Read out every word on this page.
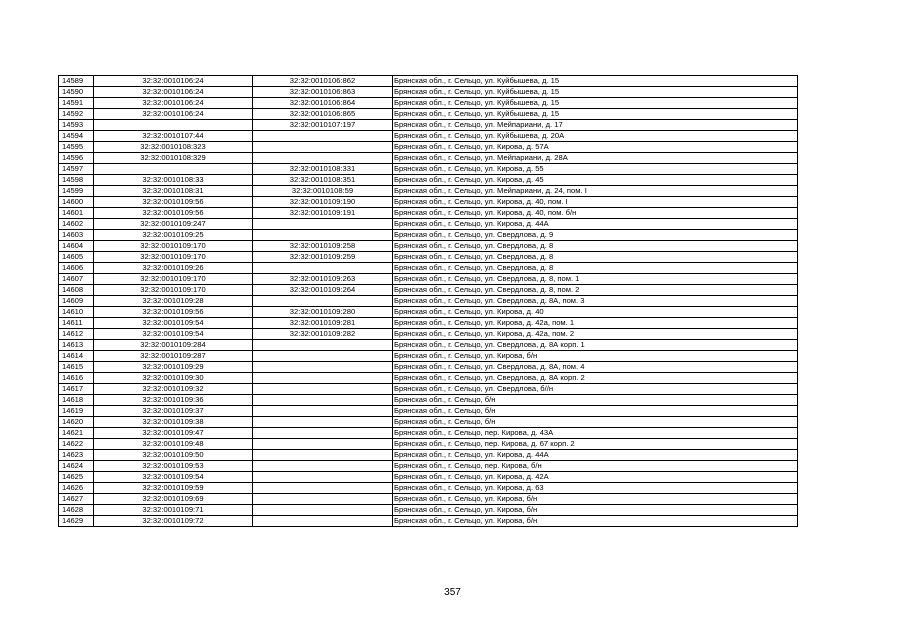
14589	32:32:0010106:24	32:32:0010106:862	Брянская обл., г. Сельцо, ул. Куйбышева, д. 15
14590	32:32:0010106:24	32:32:0010106:863	Брянская обл., г. Сельцо, ул. Куйбышева, д. 15
14591	32:32:0010106:24	32:32:0010106:864	Брянская обл., г. Сельцо, ул. Куйбышева, д. 15
14592	32:32:0010106:24	32:32:0010106:865	Брянская обл., г. Сельцо, ул. Куйбышева, д. 15
14593		32:32:0010107:197	Брянская обл., г. Сельцо, ул. Мейпариани, д. 17
14594	32:32:0010107:44		Брянская обл., г. Сельцо, ул. Куйбышева, д. 20А
14595	32:32:0010108:323		Брянская обл., г. Сельцо, ул. Кирова, д. 57А
14596	32:32:0010108:329		Брянская обл., г. Сельцо, ул. Мейпариани, д. 28А
14597		32:32:0010108:331	Брянская обл., г. Сельцо, ул. Кирова, д. 55
14598	32:32:0010108:33	32:32:0010108:351	Брянская обл., г. Сельцо, ул. Кирова, д. 45
14599	32:32:0010108:31	32:32:0010108:59	Брянская обл., г. Сельцо, ул. Мейпариани, д. 24, пом. I
14600	32:32:0010109:56	32:32:0010109:190	Брянская обл., г. Сельцо, ул. Кирова, д. 40, пом. I
14601	32:32:0010109:56	32:32:0010109:191	Брянская обл., г. Сельцо, ул. Кирова, д. 40, пом. б/н
14602	32:32:0010109:247		Брянская обл., г. Сельцо, ул. Кирова, д. 44А
14603	32:32:0010109:25		Брянская обл., г. Сельцо, ул. Свердлова, д. 9
14604	32:32:0010109:170	32:32:0010109:258	Брянская обл., г. Сельцо, ул. Свердлова, д. 8
14605	32:32:0010109:170	32:32:0010109:259	Брянская обл., г. Сельцо, ул. Свердлова, д. 8
14606	32:32:0010109:26		Брянская обл., г. Сельцо, ул. Свердлова, д. 8
14607	32:32:0010109:170	32:32:0010109:263	Брянская обл., г. Сельцо, ул. Свердлова, д. 8, пом. 1
14608	32:32:0010109:170	32:32:0010109:264	Брянская обл., г. Сельцо, ул. Свердлова, д. 8, пом. 2
14609	32:32:0010109:28		Брянская обл., г. Сельцо, ул. Свердлова, д. 8А, пом. 3
14610	32:32:0010109:56	32:32:0010109:280	Брянская обл., г. Сельцо, ул. Кирова, д. 40
14611	32:32:0010109:54	32:32:0010109:281	Брянская обл., г. Сельцо, ул. Кирова, д. 42а, пом. 1
14612	32:32:0010109:54	32:32:0010109:282	Брянская обл., г. Сельцо, ул. Кирова, д. 42а, пом. 2
14613	32:32:0010109:284		Брянская обл., г. Сельцо, ул. Свердлова, д. 8А корп. 1
14614	32:32:0010109:287		Брянская обл., г. Сельцо, ул. Кирова, б/н
14615	32:32:0010109:29		Брянская обл., г. Сельцо, ул. Свердлова, д. 8А, пом. 4
14616	32:32:0010109:30		Брянская обл., г. Сельцо, ул. Свердлова, д. 8А корп. 2
14617	32:32:0010109:32		Брянская обл., г. Сельцо, ул. Свердлова, б//н
14618	32:32:0010109:36		Брянская обл., г. Сельцо, б/н
14619	32:32:0010109:37		Брянская обл., г. Сельцо, б/н
14620	32:32:0010109:38		Брянская обл., г. Сельцо, б/н
14621	32:32:0010109:47		Брянская обл., г. Сельцо, пер. Кирова, д. 43А
14622	32:32:0010109:48		Брянская обл., г. Сельцо, пер. Кирова, д. 67 корп. 2
14623	32:32:0010109:50		Брянская обл., г. Сельцо, ул. Кирова, д. 44А
14624	32:32:0010109:53		Брянская обл., г. Сельцо, пер. Кирова, б/н
14625	32:32:0010109:54		Брянская обл., г. Сельцо, ул. Кирова, д. 42А
14626	32:32:0010109:59		Брянская обл., г. Сельцо, ул. Кирова, д. 63
14627	32:32:0010109:69		Брянская обл., г. Сельцо, ул. Кирова, б/н
14628	32:32:0010109:71		Брянская обл., г. Сельцо, ул. Кирова, б/н
14629	32:32:0010109:72		Брянская обл., г. Сельцо, ул. Кирова, б/н
357
